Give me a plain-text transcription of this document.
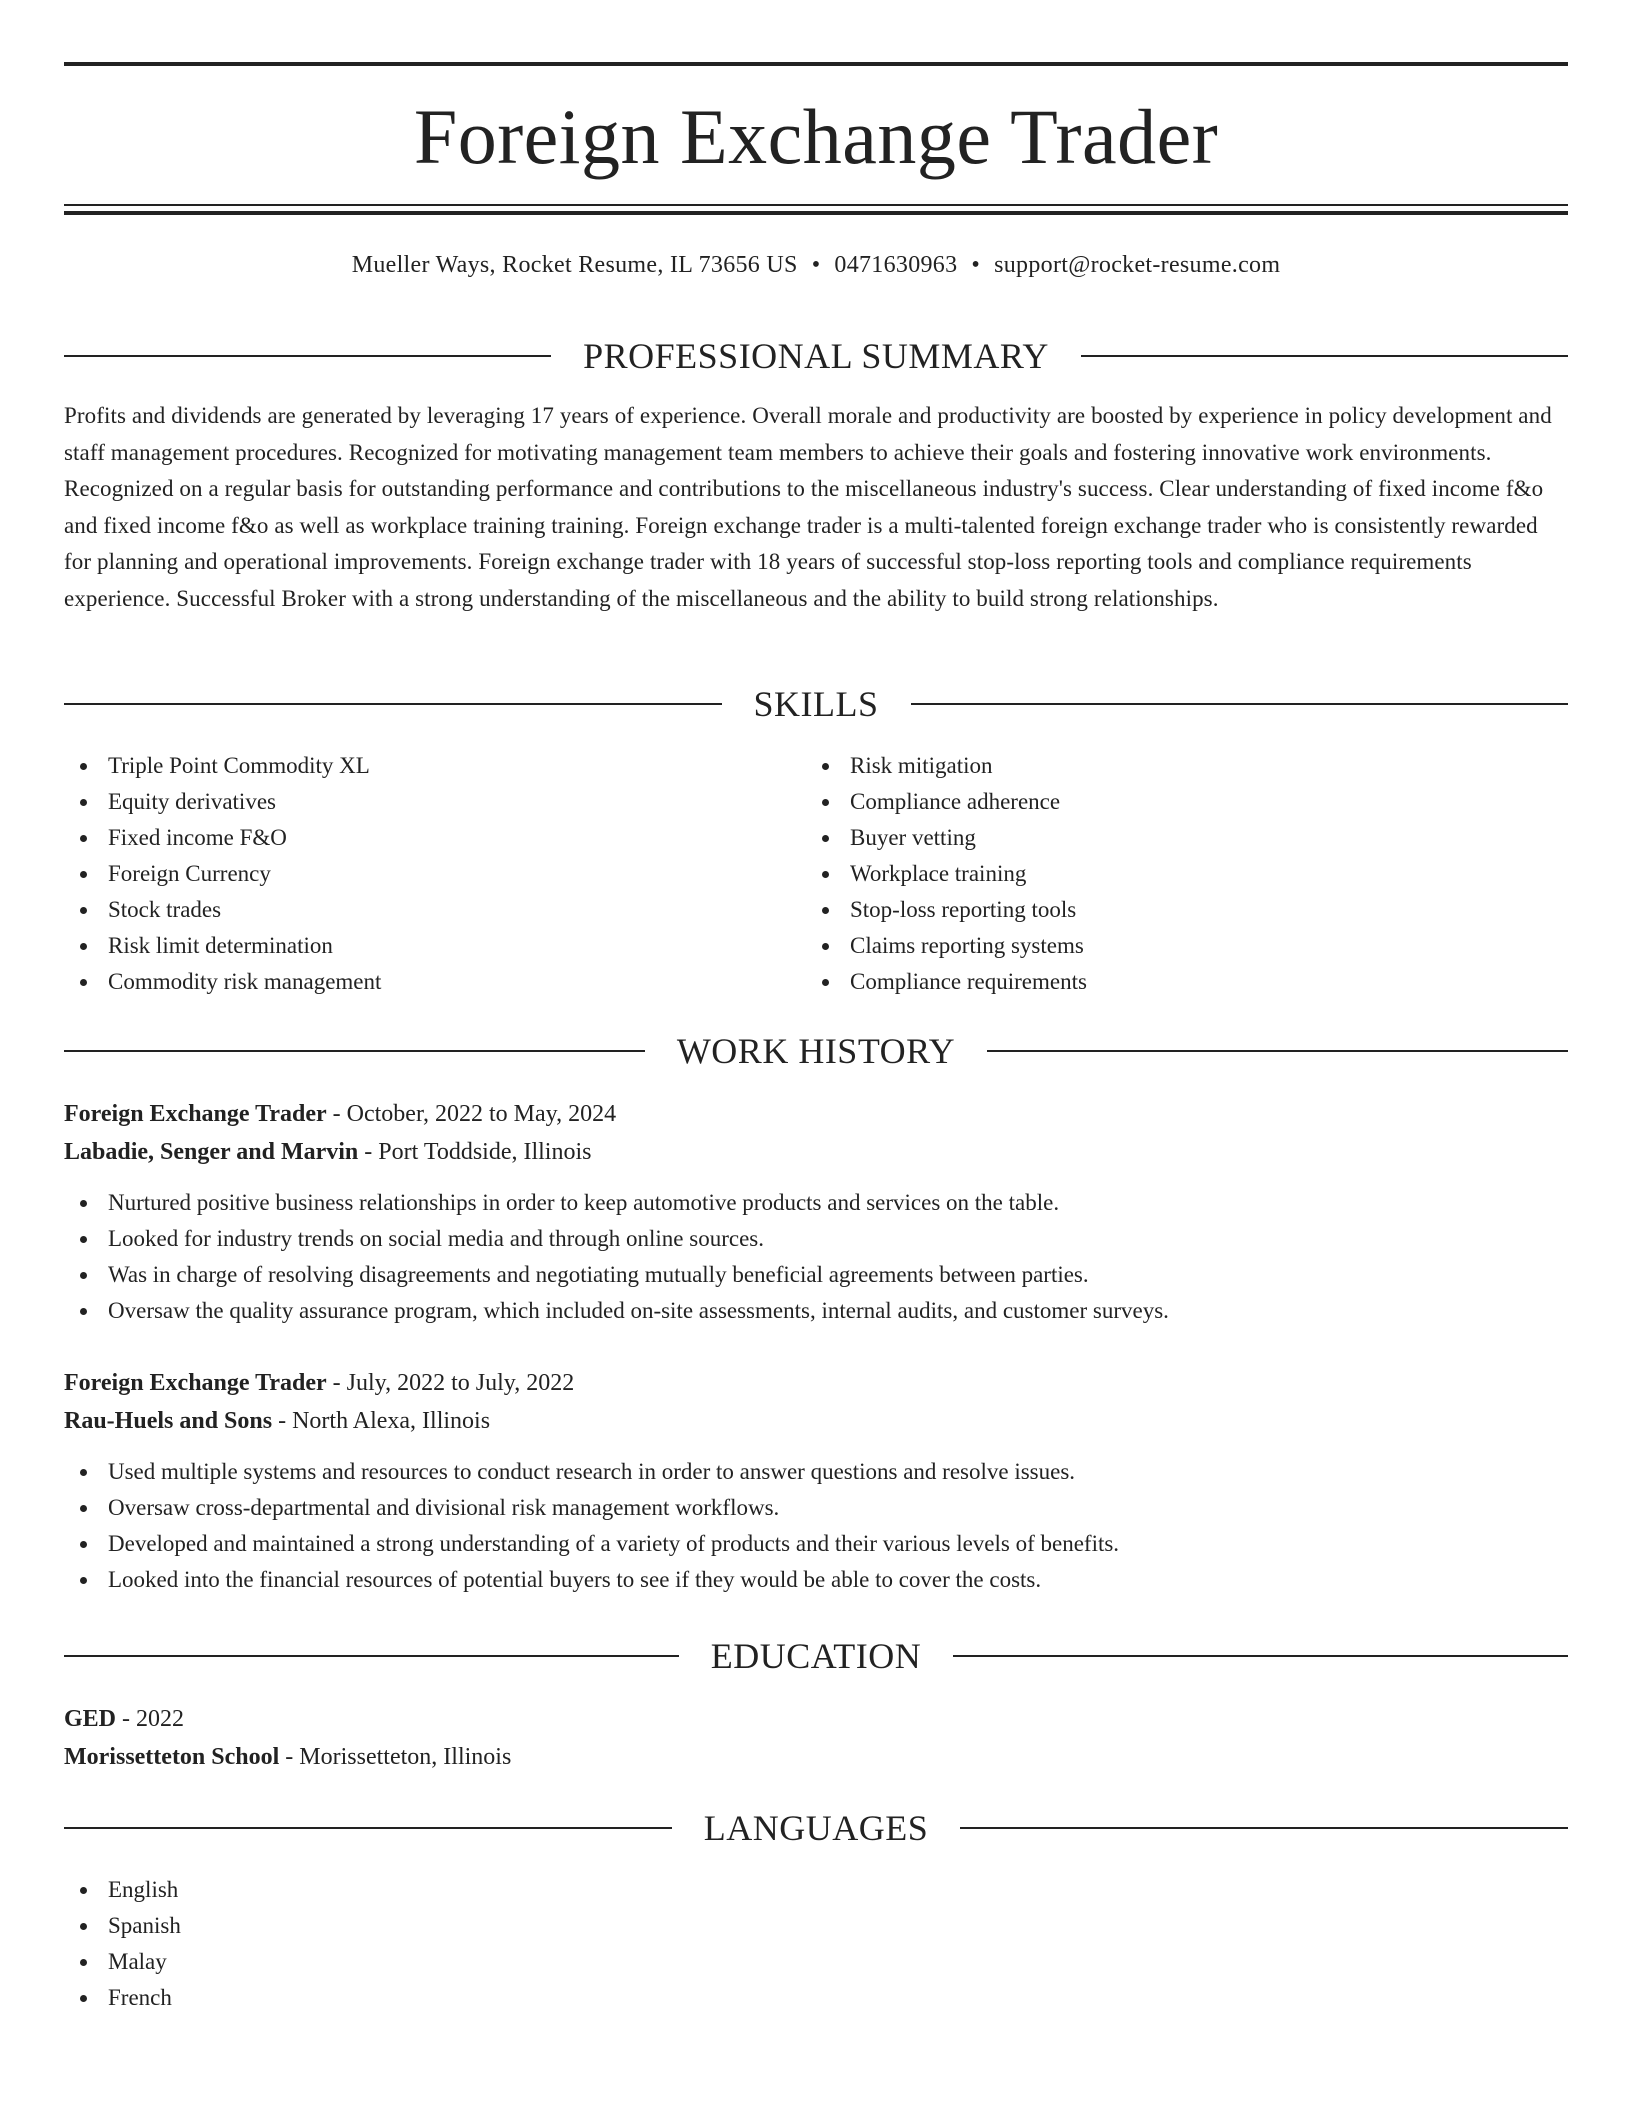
Foreign Exchange Trader
Mueller Ways, Rocket Resume, IL 73656 US • 0471630963 • support@rocket-resume.com
PROFESSIONAL SUMMARY
Profits and dividends are generated by leveraging 17 years of experience. Overall morale and productivity are boosted by experience in policy development and staff management procedures. Recognized for motivating management team members to achieve their goals and fostering innovative work environments. Recognized on a regular basis for outstanding performance and contributions to the miscellaneous industry's success. Clear understanding of fixed income f&o and fixed income f&o as well as workplace training training. Foreign exchange trader is a multi-talented foreign exchange trader who is consistently rewarded for planning and operational improvements. Foreign exchange trader with 18 years of successful stop-loss reporting tools and compliance requirements experience. Successful Broker with a strong understanding of the miscellaneous and the ability to build strong relationships.
SKILLS
Triple Point Commodity XL
Equity derivatives
Fixed income F&O
Foreign Currency
Stock trades
Risk limit determination
Commodity risk management
Risk mitigation
Compliance adherence
Buyer vetting
Workplace training
Stop-loss reporting tools
Claims reporting systems
Compliance requirements
WORK HISTORY
Foreign Exchange Trader - October, 2022 to May, 2024
Labadie, Senger and Marvin - Port Toddside, Illinois
Nurtured positive business relationships in order to keep automotive products and services on the table.
Looked for industry trends on social media and through online sources.
Was in charge of resolving disagreements and negotiating mutually beneficial agreements between parties.
Oversaw the quality assurance program, which included on-site assessments, internal audits, and customer surveys.
Foreign Exchange Trader - July, 2022 to July, 2022
Rau-Huels and Sons - North Alexa, Illinois
Used multiple systems and resources to conduct research in order to answer questions and resolve issues.
Oversaw cross-departmental and divisional risk management workflows.
Developed and maintained a strong understanding of a variety of products and their various levels of benefits.
Looked into the financial resources of potential buyers to see if they would be able to cover the costs.
EDUCATION
GED - 2022
Morissetteton School - Morissetteton, Illinois
LANGUAGES
English
Spanish
Malay
French
